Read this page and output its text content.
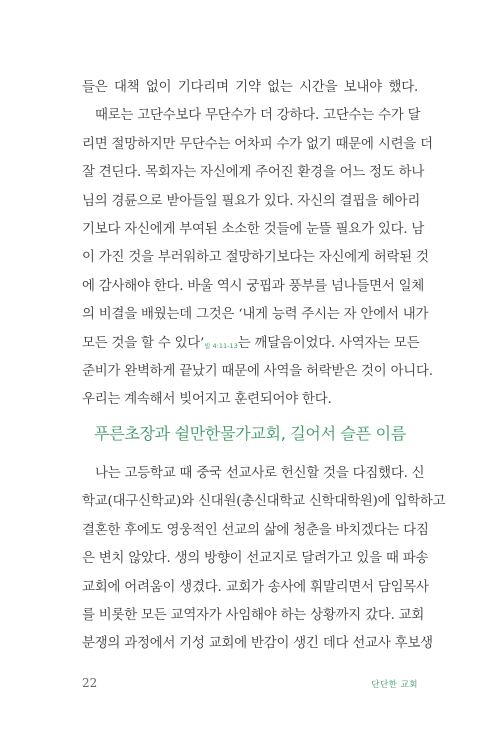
들은 대책 없이 기다리며 기약 없는 시간을 보내야 했다.
때로는 고단수보다 무단수가 더 강하다. 고단수는 수가 달
리면 절망하지만 무단수는 어차피 수가 없기 때문에 시련을 더
잘 견딘다. 목회자는 자신에게 주어진 환경을 어느 정도 하나
님의 경륜으로 받아들일 필요가 있다. 자신의 결핍을 헤아리
기보다 자신에게 부여된 소소한 것들에 눈뜰 필요가 있다. 남
이 가진 것을 부러워하고 절망하기보다는 자신에게 허락된 것
에 감사해야 한다. 바울 역시 궁핍과 풍부를 넘나들면서 일체
의 비결을 배웠는데 그것은 ‘내게 능력 주시는 자 안에서 내가
모든 것을 할 수 있다’빌 4:11-13는 깨달음이었다. 사역자는 모든
준비가 완벽하게 끝났기 때문에 사역을 허락받은 것이 아니다.
우리는 계속해서 빚어지고 훈련되어야 한다.
푸른초장과 쉴만한물가교회, 길어서 슬픈 이름
나는 고등학교 때 중국 선교사로 헌신할 것을 다짐했다. 신
학교(대구신학교)와 신대원(총신대학교 신학대학원)에 입학하고
결혼한 후에도 영웅적인 선교의 삶에 청춘을 바치겠다는 다짐
은 변치 않았다. 생의 방향이 선교지로 달려가고 있을 때 파송
교회에 어려움이 생겼다. 교회가 송사에 휘말리면서 담임목사
를 비롯한 모든 교역자가 사임해야 하는 상황까지 갔다. 교회
분쟁의 과정에서 기성 교회에 반감이 생긴 데다 선교사 후보생
22	단단한 교회
